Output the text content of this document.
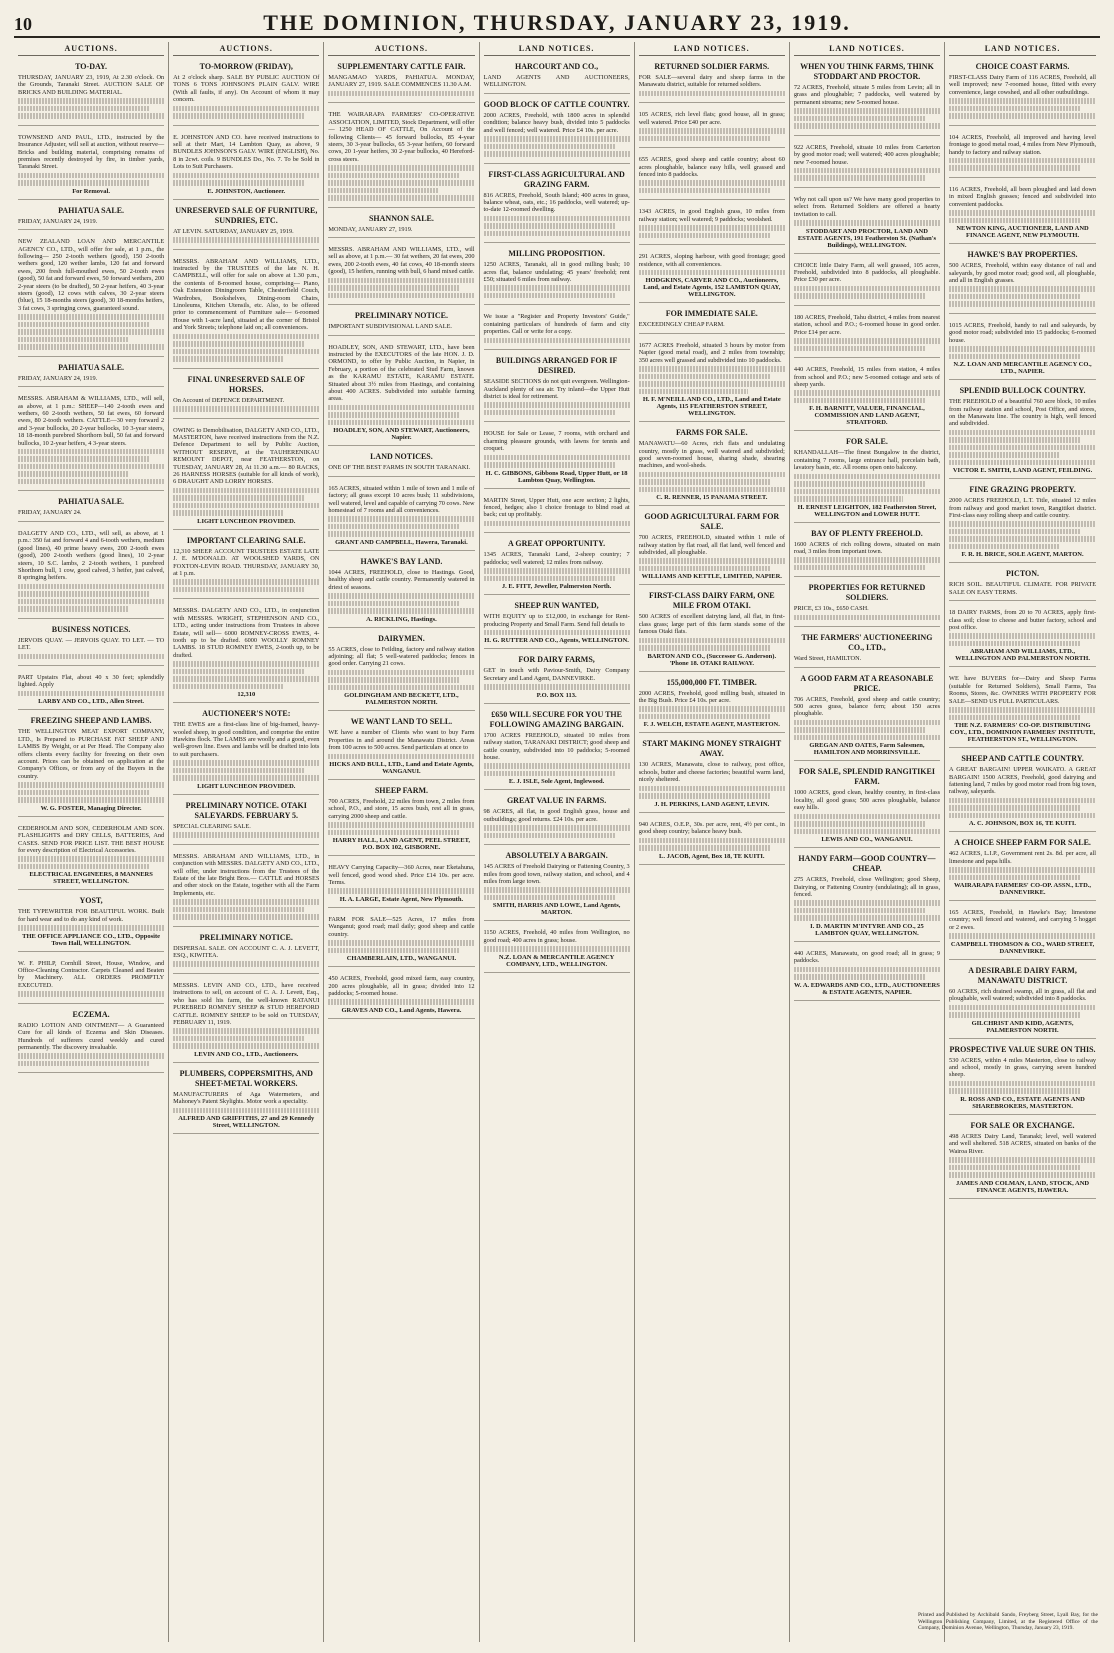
10	THE DOMINION, THURSDAY, JANUARY 23, 1919.
AUCTIONS.
TO-DAY.
THURSDAY, JANUARY 23, 1919, At 2.30 o'clock. On the Grounds, Taranaki Street. AUCTION SALE OF BRICKS AND BUILDING MATERIAL.
TOWNSEND AND PAUL, LTD., instructed by the Insurance Adjuster, will sell at auction, without reserve—Bricks and building material, comprising remains of premises recently destroyed by fire, in timber yards, Taranaki Street.
For Removal.
PAHIATUA SALE.
FRIDAY, JANUARY 24, 1919.
NEW ZEALAND LOAN AND MERCANTILE AGENCY CO., LTD., will offer for sale, at 1 p.m., the following— 250 2-tooth wethers (good), 150 2-tooth wethers good, 120 wether lambs, 120 fat and forward ewes, 200 fresh full-mouthed ewes, 50 2-tooth ewes (good), 50 fat and forward ewes, 50 forward wethers, 200 2-year steers (to be drafted), 50 2-year heifers, 40 3-year steers (good), 12 cows with calves, 30 2-year steers (blue), 15 18-months steers (good), 30 18-months heifers, 3 fat cows, 3 springing cows, guaranteed sound.
PAHIATUA SALE.
FRIDAY, JANUARY 24, 1919.
MESSRS. ABRAHAM & WILLIAMS, LTD., will sell, as above, at 1 p.m.: SHEEP—140 2-tooth ewes and wethers, 60 2-tooth wethers, 50 fat ewes, 60 forward ewes, 80 2-tooth wethers. CATTLE—30 very forward 2 and 3-year bullocks, 20 2-year bullocks, 10 3-year steers, 18 18-month purebred Shorthorn bull, 50 fat and forward bullocks, 10 2-year heifers, 4 3-year steers.
PAHIATUA SALE.
FRIDAY, JANUARY 24.
DALGETY AND CO., LTD., will sell, as above, at 1 p.m.: 350 fat and forward 4 and 6-tooth wethers, medium (good lines), 40 prime heavy ewes, 200 2-tooth ewes (good), 200 2-tooth wethers (good lines), 10 2-year steers, 10 S.C. lambs, 2 2-tooth wethers, 1 purebred Shorthorn bull, 1 cow, good calved, 3 heifer, just calved, 8 springing heifers.
BUSINESS NOTICES.
JERVOIS QUAY. — JERVOIS QUAY. TO LET. — TO LET.
PART Upstairs Flat, about 40 x 30 feet; splendidly lighted. Apply
LARBY AND CO., LTD., Allen Street.
FREEZING SHEEP AND LAMBS.
THE WELLINGTON MEAT EXPORT COMPANY, LTD., Is Prepared to PURCHASE FAT SHEEP AND LAMBS By Weight, or at Per Head. The Company also offers clients every facility for freezing on their own account. Prices can be obtained on application at the Company's Offices, or from any of the Buyers in the country.
W. G. FOSTER, Managing Director.
CEDERHOLM AND SON, CEDERHOLM AND SON. FLASHLIGHTS and DRY CELLS, BATTERIES, And CASES. SEND FOR PRICE LIST. THE BEST HOUSE for every description of Electrical Accessories.
ELECTRICAL ENGINEERS, 8 MANNERS STREET, WELLINGTON.
YOST,
THE TYPEWRITER FOR BEAUTIFUL WORK. Built for hard wear and to do any kind of work.
THE OFFICE APPLIANCE CO., LTD., Opposite Town Hall, WELLINGTON.
W. F. PHILP, Cornhill Street, House, Window, and Office-Cleaning Contractor. Carpets Cleaned and Beaten by Machinery. ALL ORDERS PROMPTLY EXECUTED.
ECZEMA.
RADIO LOTION AND OINTMENT— A Guaranteed Cure for all kinds of Eczema and Skin Diseases. Hundreds of sufferers cured weekly and cured permanently. The discovery invaluable.
AUCTIONS.
TO-MORROW (FRIDAY),
At 2 o'clock sharp. SALE BY PUBLIC AUCTION Of TONS 6 TONS JOHNSON'S PLAIN GALV. WIRE (With all faults, if any). On Account of whom it may concern.
E. JOHNSTON AND CO. have received instructions to sell at their Mart, 14 Lambton Quay, as above, 9 BUNDLES JOHNSON'S GALV. WIRE (ENGLISH), No. 8 in 2cwt. coils. 9 BUNDLES Do., No. 7. To be Sold in Lots to Suit Purchasers.
E. JOHNSTON, Auctioneer.
UNRESERVED SALE OF FURNITURE, SUNDRIES, ETC.
AT LEVIN. SATURDAY, JANUARY 25, 1919.
MESSRS. ABRAHAM AND WILLIAMS, LTD., instructed by the TRUSTEES of the late N. H. CAMPBELL, will offer for sale on above at 1.30 p.m., the contents of 8-roomed house, comprising— Piano, Oak Extension Diningroom Table, Chesterfield Couch, Wardrobes, Bookshelves, Dining-room Chairs, Linoleums, Kitchen Utensils, etc. Also, to be offered prior to commencement of Furniture sale— 6-roomed House with 1-acre land, situated at the corner of Bristol and York Streets; telephone laid on; all conveniences.
FINAL UNRESERVED SALE OF HORSES.
On Account of DEFENCE DEPARTMENT.
OWING to Demobilisation, DALGETY AND CO., LTD., MASTERTON, have received instructions from the N.Z. Defence Department to sell by Public Auction, WITHOUT RESERVE, at the TAUHERENIKAU REMOUNT DEPOT, near FEATHERSTON, on TUESDAY, JANUARY 28, At 11.30 a.m.— 80 RACKS, 26 HARNESS HORSES (suitable for all kinds of work), 6 DRAUGHT AND LORRY HORSES.
LIGHT LUNCHEON PROVIDED.
IMPORTANT CLEARING SALE.
12,310 SHEEP. ACCOUNT TRUSTEES ESTATE LATE J. E. M'DONALD. AT WOOLSHED YARDS, ON FOXTON-LEVIN ROAD. THURSDAY, JANUARY 30, at 1 p.m.
MESSRS. DALGETY AND CO., LTD., in conjunction with MESSRS. WRIGHT, STEPHENSON AND CO., LTD., acting under instructions from Trustees in above Estate, will sell— 6000 ROMNEY-CROSS EWES, 4-tooth up to be drafted. 6000 WOOLLY ROMNEY LAMBS. 18 STUD ROMNEY EWES, 2-tooth up, to be drafted.
12,310
AUCTIONEER'S NOTE:
THE EWES are a first-class line of big-framed, heavy-wooled sheep, in good condition, and comprise the entire Hawkins flock. The LAMBS are woolly and a good, even well-grown line. Ewes and lambs will be drafted into lots to suit purchasers.
LIGHT LUNCHEON PROVIDED.
PRELIMINARY NOTICE. OTAKI SALEYARDS. FEBRUARY 5.
SPECIAL CLEARING SALE.
MESSRS. ABRAHAM AND WILLIAMS, LTD., in conjunction with MESSRS. DALGETY AND CO., LTD., will offer, under instructions from the Trustees of the Estate of the late Bright Bros.— CATTLE and HORSES and other stock on the Estate, together with all the Farm Implements, etc.
PRELIMINARY NOTICE.
DISPERSAL SALE. ON ACCOUNT C. A. J. LEVETT, ESQ., KIWITEA.
MESSRS. LEVIN AND CO., LTD., have received instructions to sell, on account of C. A. J. Levett, Esq., who has sold his farm, the well-known RATANUI PUREBRED ROMNEY SHEEP & STUD HEREFORD CATTLE. ROMNEY SHEEP to be sold on TUESDAY, FEBRUARY 11, 1919.
LEVIN AND CO., LTD., Auctioneers.
PLUMBERS, COPPERSMITHS, AND SHEET-METAL WORKERS.
MANUFACTURERS of Aga Watermeters, and Mahoney's Patent Skylights. Motor work a speciality.
ALFRED AND GRIFFITHS, 27 and 29 Kennedy Street, WELLINGTON.
AUCTIONS.
SUPPLEMENTARY CATTLE FAIR.
MANGAMAO YARDS, PAHIATUA. MONDAY, JANUARY 27, 1919. SALE COMMENCES 11.30 A.M.
THE WAIRARAPA FARMERS' CO-OPERATIVE ASSOCIATION, LIMITED, Stock Department, will offer— 1250 HEAD OF CATTLE, On Account of the following Clients— 45 forward bullocks, 85 4-year steers, 30 3-year bullocks, 65 3-year heifers, 60 forward cows, 20 1-year heifers, 30 2-year bullocks, 40 Hereford-cross steers.
SHANNON SALE.
MONDAY, JANUARY 27, 1919.
MESSRS. ABRAHAM AND WILLIAMS, LTD., will sell as above, at 1 p.m.— 30 fat wethers, 20 fat ewes, 200 ewes, 200 2-tooth ewes, 40 fat cows, 40 18-month steers (good), 15 heifers, running with bull, 6 hand mixed cattle.
PRELIMINARY NOTICE.
IMPORTANT SUBDIVISIONAL LAND SALE.
HOADLEY, SON, AND STEWART, LTD., have been instructed by the EXECUTORS of the late HON. J. D. ORMOND, to offer by Public Auction, in Napier, in February, a portion of the celebrated Stud Farm, known as the KARAMU ESTATE, KARAMU ESTATE. Situated about 3½ miles from Hastings, and containing about 400 ACRES. Subdivided into suitable farming areas.
HOADLEY, SON, AND STEWART, Auctioneers, Napier.
LAND NOTICES.
ONE OF THE BEST FARMS IN SOUTH TARANAKI.
165 ACRES, situated within 1 mile of town and 1 mile of factory; all grass except 10 acres bush; 11 subdivisions, well watered, level and capable of carrying 70 cows. New homestead of 7 rooms and all conveniences.
GRANT AND CAMPBELL, Hawera, Taranaki.
HAWKE'S BAY LAND.
1044 ACRES, FREEHOLD, close to Hastings. Good, healthy sheep and cattle country. Permanently watered in driest of seasons.
A. RICKLING, Hastings.
DAIRYMEN.
55 ACRES, close to Feilding, factory and railway station adjoining; all flat; 5 well-watered paddocks; fences in good order. Carrying 21 cows.
GOLDINGHAM AND BECKETT, LTD., PALMERSTON NORTH.
WE WANT LAND TO SELL.
WE have a number of Clients who want to buy Farm Properties in and around the Manawatu District. Areas from 100 acres to 500 acres. Send particulars at once to
HICKS AND BULL, LTD., Land and Estate Agents, WANGANUI.
SHEEP FARM.
700 ACRES, Freehold, 22 miles from town, 2 miles from school, P.O., and store, 15 acres bush, rest all in grass, carrying 2000 sheep and cattle.
HARRY HALL, LAND AGENT, PEEL STREET, P.O. BOX 102, GISBORNE.
HEAVY Carrying Capacity—360 Acres, near Eketahuna, well fenced, good wood shed. Price £14 10s. per acre. Terms.
H. A. LARGE, Estate Agent, New Plymouth.
FARM FOR SALE—525 Acres, 17 miles from Wanganui; good road; mail daily; good sheep and cattle country.
CHAMBERLAIN, LTD., WANGANUI.
450 ACRES, Freehold, good mixed farm, easy country, 200 acres ploughable, all in grass; divided into 12 paddocks; 5-roomed house.
GRAVES AND CO., Land Agents, Hawera.
LAND NOTICES.
HARCOURT AND CO.,
LAND AGENTS AND AUCTIONEERS, WELLINGTON.
GOOD BLOCK OF CATTLE COUNTRY.
2000 ACRES, Freehold, with 1800 acres in splendid condition; balance heavy bush, divided into 5 paddocks and well fenced; well watered. Price £4 10s. per acre.
FIRST-CLASS AGRICULTURAL AND GRAZING FARM.
816 ACRES, Freehold, South Island; 400 acres in grass, balance wheat, oats, etc.; 16 paddocks, well watered; up-to-date 12-roomed dwelling.
MILLING PROPOSITION.
1250 ACRES, Taranaki, all in good milling bush; 10 acres flat, balance undulating; 45 years' freehold; rent £50; situated 6 miles from railway.
We issue a "Register and Property Investors' Guide," containing particulars of hundreds of farm and city properties. Call or write for a copy.
BUILDINGS ARRANGED FOR IF DESIRED.
SEASIDE SECTIONS do not quit evergreen. Wellington-Auckland plenty of sea air. Try inland—the Upper Hutt district is ideal for retirement.
HOUSE for Sale or Lease, 7 rooms, with orchard and charming pleasure grounds, with lawns for tennis and croquet.
H. C. GIBBONS, Gibbons Road, Upper Hutt, or 18 Lambton Quay, Wellington.
MARTIN Street, Upper Hutt, one acre section; 2 lights, fenced, hedges; also 1 choice frontage to blind road at back; cut up profitably.
A GREAT OPPORTUNITY.
1345 ACRES, Taranaki Land, 2-sheep country; 7 paddocks; well watered; 12 miles from railway.
J. E. FITT, Jeweller, Palmerston North.
SHEEP RUN WANTED,
WITH EQUITY up to £12,000, in exchange for Rent-producing Property and Small Farm. Send full details to
H. G. RUTTER AND CO., Agents, WELLINGTON.
FOR DAIRY FARMS,
GET in touch with Paviour-Smith, Dairy Company Secretary and Land Agent, DANNEVIRKE.
P.O. BOX 113.
£650 WILL SECURE FOR YOU THE FOLLOWING AMAZING BARGAIN.
1700 ACRES FREEHOLD, situated 10 miles from railway station, TARANAKI DISTRICT; good sheep and cattle country, subdivided into 10 paddocks; 5-roomed house.
E. J. ISLE, Sole Agent, Inglewood.
GREAT VALUE IN FARMS.
98 ACRES, all flat, in good English grass, house and outbuildings; good returns. £24 10s. per acre.
ABSOLUTELY A BARGAIN.
145 ACRES of Freehold Dairying or Fattening Country, 3 miles from good town, railway station, and school, and 4 miles from large town.
SMITH, HARRIS AND LOWE, Land Agents, MARTON.
1150 ACRES, Freehold, 40 miles from Wellington, no good road; 400 acres in grass; house.
N.Z. LOAN & MERCANTILE AGENCY COMPANY, LTD., WELLINGTON.
LAND NOTICES.
RETURNED SOLDIER FARMS.
FOR SALE—several dairy and sheep farms in the Manawatu district, suitable for returned soldiers.
105 ACRES, rich level flats; good house, all in grass; well watered. Price £40 per acre.
655 ACRES, good sheep and cattle country; about 60 acres ploughable, balance easy hills, well grassed and fenced into 8 paddocks.
1343 ACRES, in good English grass, 10 miles from railway station; well watered; 9 paddocks; woolshed.
291 ACRES, sloping harbour, with good frontage; good residence, with all conveniences.
HODGKINS, CARVER AND CO., Auctioneers, Land, and Estate Agents, 152 LAMBTON QUAY, WELLINGTON.
FOR IMMEDIATE SALE.
EXCEEDINGLY CHEAP FARM.
1677 ACRES Freehold, situated 3 hours by motor from Napier (good metal road), and 2 miles from township; 350 acres well grassed and subdivided into 10 paddocks.
H. F. M'NEILL AND CO., LTD., Land and Estate Agents, 115 FEATHERSTON STREET, WELLINGTON.
FARMS FOR SALE.
MANAWATU—60 Acres, rich flats and undulating country, mostly in grass, well watered and subdivided; good seven-roomed house, sharing shade, shearing machines, and wool-sheds.
C. R. RENNER, 15 PANAMA STREET.
GOOD AGRICULTURAL FARM FOR SALE.
700 ACRES, FREEHOLD, situated within 1 mile of railway station by flat road, all flat land, well fenced and subdivided, all ploughable.
WILLIAMS AND KETTLE, LIMITED, NAPIER.
FIRST-CLASS DAIRY FARM, ONE MILE FROM OTAKI.
500 ACRES of excellent dairying land, all flat, in first-class grass; large part of this farm stands some of the famous Otaki flats.
BARTON AND CO., (Successor G. Anderson). 'Phone 18. OTAKI RAILWAY.
155,000,000 FT. TIMBER.
2000 ACRES, Freehold, good milling bush, situated in the Big Bush. Price £4 10s. per acre.
F. J. WELCH, ESTATE AGENT, MASTERTON.
START MAKING MONEY STRAIGHT AWAY.
130 ACRES, Manawatu, close to railway, post office, schools, butter and cheese factories; beautiful warm land, nicely sheltered.
J. H. PERKINS, LAND AGENT, LEVIN.
940 ACRES, O.E.P., 30s. per acre, rent, 4½ per cent., in good sheep country; balance heavy bush.
L. JACOB, Agent, Box 18, TE KUITI.
LAND NOTICES.
WHEN YOU THINK FARMS, THINK STODDART AND PROCTOR.
72 ACRES, Freehold, situate 5 miles from Levin; all in grass and ploughable; 7 paddocks, well watered by permanent streams; new 5-roomed house.
922 ACRES, Freehold, situate 10 miles from Carterton by good motor road; well watered; 400 acres ploughable; new 7-roomed house.
Why not call upon us? We have many good properties to select from. Returned Soldiers are offered a hearty invitation to call.
STODDART AND PROCTOR, LAND AND ESTATE AGENTS, 191 Featherston St. (Nathan's Buildings), WELLINGTON.
CHOICE little Dairy Farm, all well grassed, 105 acres, Freehold, subdivided into 8 paddocks, all ploughable. Price £30 per acre.
180 ACRES, Freehold, Tahu district, 4 miles from nearest station, school and P.O.; 6-roomed house in good order. Price £14 per acre.
440 ACRES, Freehold, 15 miles from station, 4 miles from school and P.O.; new 5-roomed cottage and sets of sheep yards.
F. H. BARNITT, VALUER, FINANCIAL, COMMISSION AND LAND AGENT, STRATFORD.
FOR SALE.
KHANDALLAH—The finest Bungalow in the district, containing 7 rooms, large entrance hall, porcelain bath, lavatory basin, etc. All rooms open onto balcony.
H. ERNEST LEIGHTON, 182 Featherston Street, WELLINGTON and LOWER HUTT.
BAY OF PLENTY FREEHOLD.
1600 ACRES of rich rolling downs, situated on main road, 3 miles from important town.
PROPERTIES FOR RETURNED SOLDIERS.
PRICE, £3 10s., £650 CASH.
THE FARMERS' AUCTIONEERING CO., LTD.,
Ward Street, HAMILTON.
A GOOD FARM AT A REASONABLE PRICE.
706 ACRES, Freehold, good sheep and cattle country; 500 acres grass, balance fern; about 150 acres ploughable.
GREGAN AND OATES, Farm Salesmen, HAMILTON AND MORRINSVILLE.
FOR SALE, SPLENDID RANGITIKEI FARM.
1000 ACRES, good clean, healthy country, in first-class locality, all good grass; 500 acres ploughable, balance easy hills.
LEWIS AND CO., WANGANUI.
HANDY FARM—GOOD COUNTRY—CHEAP.
275 ACRES, Freehold, close Wellington; good Sheep, Dairying, or Fattening Country (undulating); all in grass, fenced.
I. D. MARTIN M'INTYRE AND CO., 25 LAMBTON QUAY, WELLINGTON.
440 ACRES, Manawatu, on good road; all in grass; 9 paddocks.
W. A. EDWARDS AND CO., LTD., AUCTIONEERS & ESTATE AGENTS, NAPIER.
LAND NOTICES.
CHOICE COAST FARMS.
FIRST-CLASS Dairy Farm of 116 ACRES, Freehold, all well improved; new 7-roomed house, fitted with every convenience, large cowshed, and all other outbuildings.
104 ACRES, Freehold, all improved and having level frontage to good metal road, 4 miles from New Plymouth, handy to factory and railway station.
116 ACRES, Freehold, all been ploughed and laid down in mixed English grasses; fenced and subdivided into convenient paddocks.
NEWTON KING, AUCTIONEER, LAND AND FINANCE AGENT, NEW PLYMOUTH.
HAWKE'S BAY PROPERTIES.
500 ACRES, Freehold, within easy distance of rail and saleyards, by good motor road; good soil, all ploughable, and all in English grasses.
1015 ACRES, Freehold, handy to rail and saleyards, by good motor road; subdivided into 15 paddocks; 6-roomed house.
N.Z. LOAN AND MERCANTILE AGENCY CO., LTD., NAPIER.
SPLENDID BULLOCK COUNTRY.
THE FREEHOLD of a beautiful 760 acre block, 10 miles from railway station and school, Post Office, and stores, on the Manawatu line. The country is high, well fenced and subdivided.
VICTOR E. SMITH, LAND AGENT, FEILDING.
FINE GRAZING PROPERTY.
2000 ACRES FREEHOLD, L.T. Title, situated 12 miles from railway and good market town, Rangitikei district. First-class easy rolling sheep and cattle country.
F. R. H. BRICE, SOLE AGENT, MARTON.
PICTON.
RICH SOIL. BEAUTIFUL CLIMATE. FOR PRIVATE SALE ON EASY TERMS.
18 DAIRY FARMS, from 20 to 70 ACRES, apply first-class soil; close to cheese and butter factory, school and post office.
ABRAHAM AND WILLIAMS, LTD., WELLINGTON AND PALMERSTON NORTH.
WE have BUYERS for—Dairy and Sheep Farms (suitable for Returned Soldiers), Small Farms, Tea Rooms, Stores, &c. OWNERS WITH PROPERTY FOR SALE—SEND US FULL PARTICULARS.
THE N.Z. FARMERS' CO-OP. DISTRIBUTING COY., LTD., DOMINION FARMERS' INSTITUTE, FEATHERSTON ST., WELLINGTON.
SHEEP AND CATTLE COUNTRY.
A GREAT BARGAIN! UPPER WAIKATO. A GREAT BARGAIN! 1500 ACRES, Freehold, good dairying and fattening land, 7 miles by good motor road from big town, railway, saleyards.
A. C. JOHNSON, BOX 16, TE KUITI.
A CHOICE SHEEP FARM FOR SALE.
462 ACRES, L.I.P., Government rent 2s. 8d. per acre, all limestone and papa hills.
WAIRARAPA FARMERS' CO-OP. ASSN., LTD., DANNEVIRKE.
165 ACRES, Freehold, in Hawke's Bay; limestone country; well fenced and watered, and carrying 5 hogget or 2 ewes.
CAMPBELL THOMSON & CO., WARD STREET, DANNEVIRKE.
A DESIRABLE DAIRY FARM, MANAWATU DISTRICT.
60 ACRES, rich drained swamp, all in grass, all flat and ploughable, well watered; subdivided into 8 paddocks.
GILCHRIST AND KIDD, AGENTS, PALMERSTON NORTH.
PROSPECTIVE VALUE SURE ON THIS.
530 ACRES, within 4 miles Masterton, close to railway and school, mostly in grass, carrying seven hundred sheep.
R. ROSS AND CO., ESTATE AGENTS AND SHAREBROKERS, MASTERTON.
FOR SALE OR EXCHANGE.
498 ACRES Dairy Land, Taranaki; level, well watered and well sheltered. 518 ACRES, situated on banks of the Wairoa River.
JAMES AND COLMAN, LAND, STOCK, AND FINANCE AGENTS, HAWERA.
Printed and Published by Archibald Sando, Freyberg Street, Lyall Bay, for the Wellington Publishing Company, Limited, at the Registered Office of the Company, Dominion Avenue, Wellington, Thursday, January 23, 1919.
